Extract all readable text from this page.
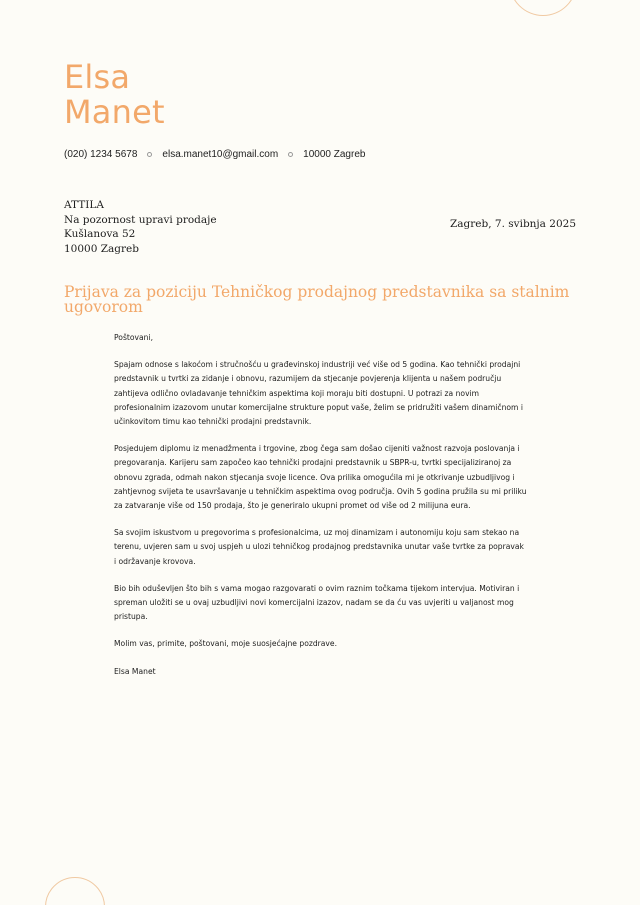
Elsa
Manet
(020) 1234 5678	elsa.manet10@gmail.com	10000 Zagreb
ATTILA
Na pozornost upravi prodaje
Kušlanova 52
10000 Zagreb
Zagreb, 7. svibnja 2025
Prijava za poziciju Tehničkog prodajnog predstavnika sa stalnim ugovorom

Poštovani,

Spajam odnose s lakoćom i stručnošću u građevinskoj industriji već više od 5 godina. Kao tehnički prodajni predstavnik u tvrtki za zidanje i obnovu, razumijem da stjecanje povjerenja klijenta u našem području zahtijeva odlično ovladavanje tehničkim aspektima koji moraju biti dostupni. U potrazi za novim profesionalnim izazovom unutar komercijalne strukture poput vaše, želim se pridružiti vašem dinamičnom i učinkovitom timu kao tehnički prodajni predstavnik.

Posjedujem diplomu iz menadžmenta i trgovine, zbog čega sam došao cijeniti važnost razvoja poslovanja i pregovaranja. Karijeru sam započeo kao tehnički prodajni predstavnik u SBPR-u, tvrtki specijaliziranoj za obnovu zgrada, odmah nakon stjecanja svoje licence. Ova prilika omogućila mi je otkrivanje uzbudljivog i zahtjevnog svijeta te usavršavanje u tehničkim aspektima ovog područja. Ovih 5 godina pružila su mi priliku za zatvaranje više od 150 prodaja, što je generiralo ukupni promet od više od 2 milijuna eura.

Sa svojim iskustvom u pregovorima s profesionalcima, uz moj dinamizam i autonomiju koju sam stekao na terenu, uvjeren sam u svoj uspjeh u ulozi tehničkog prodajnog predstavnika unutar vaše tvrtke za popravak i održavanje krovova.

Bio bih oduševljen što bih s vama mogao razgovarati o ovim raznim točkama tijekom intervjua. Motiviran i spreman uložiti se u ovaj uzbudljivi novi komercijalni izazov, nadam se da ću vas uvjeriti u valjanost mog pristupa.

Molim vas, primite, poštovani, moje suosjećajne pozdrave.

Elsa Manet
